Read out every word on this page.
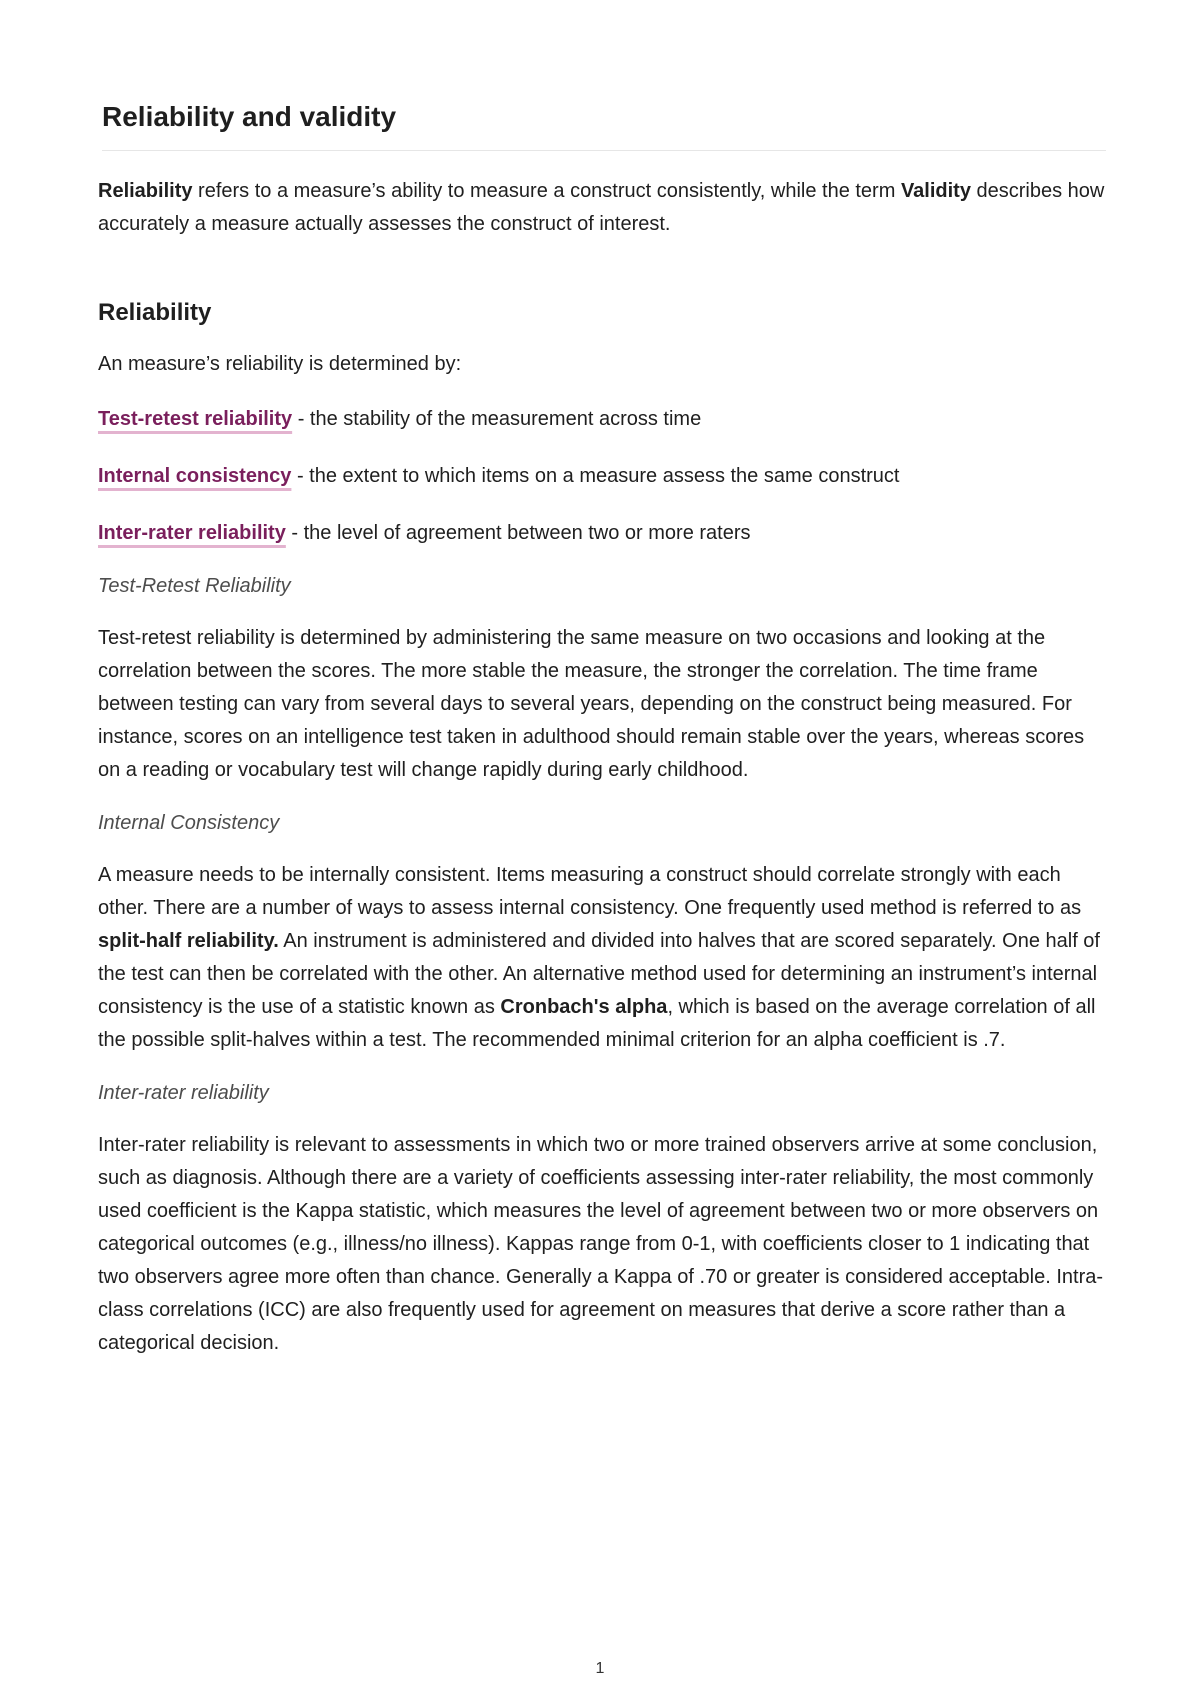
Reliability and validity

Reliability refers to a measure’s ability to measure a construct consistently, while the term Validity describes how accurately a measure actually assesses the construct of interest.

Reliability

An measure’s reliability is determined by:

Test-retest reliability - the stability of the measurement across time

Internal consistency - the extent to which items on a measure assess the same construct

Inter-rater reliability - the level of agreement between two or more raters

Test-Retest Reliability

Test-retest reliability is determined by administering the same measure on two occasions and looking at the correlation between the scores. The more stable the measure, the stronger the correlation. The time frame between testing can vary from several days to several years, depending on the construct being measured. For instance, scores on an intelligence test taken in adulthood should remain stable over the years, whereas scores on a reading or vocabulary test will change rapidly during early childhood.

Internal Consistency

A measure needs to be internally consistent. Items measuring a construct should correlate strongly with each other. There are a number of ways to assess internal consistency. One frequently used method is referred to as split-half reliability. An instrument is administered and divided into halves that are scored separately. One half of the test can then be correlated with the other. An alternative method used for determining an instrument’s internal consistency is the use of a statistic known as Cronbach's alpha, which is based on the average correlation of all the possible split-halves within a test. The recommended minimal criterion for an alpha coefficient is .7.

Inter-rater reliability

Inter-rater reliability is relevant to assessments in which two or more trained observers arrive at some conclusion, such as diagnosis. Although there are a variety of coefficients assessing inter-rater reliability, the most commonly used coefficient is the Kappa statistic, which measures the level of agreement between two or more observers on categorical outcomes (e.g., illness/no illness). Kappas range from 0-1, with coefficients closer to 1 indicating that two observers agree more often than chance. Generally a Kappa of .70 or greater is considered acceptable. Intra-class correlations (ICC) are also frequently used for agreement on measures that derive a score rather than a categorical decision.

1
